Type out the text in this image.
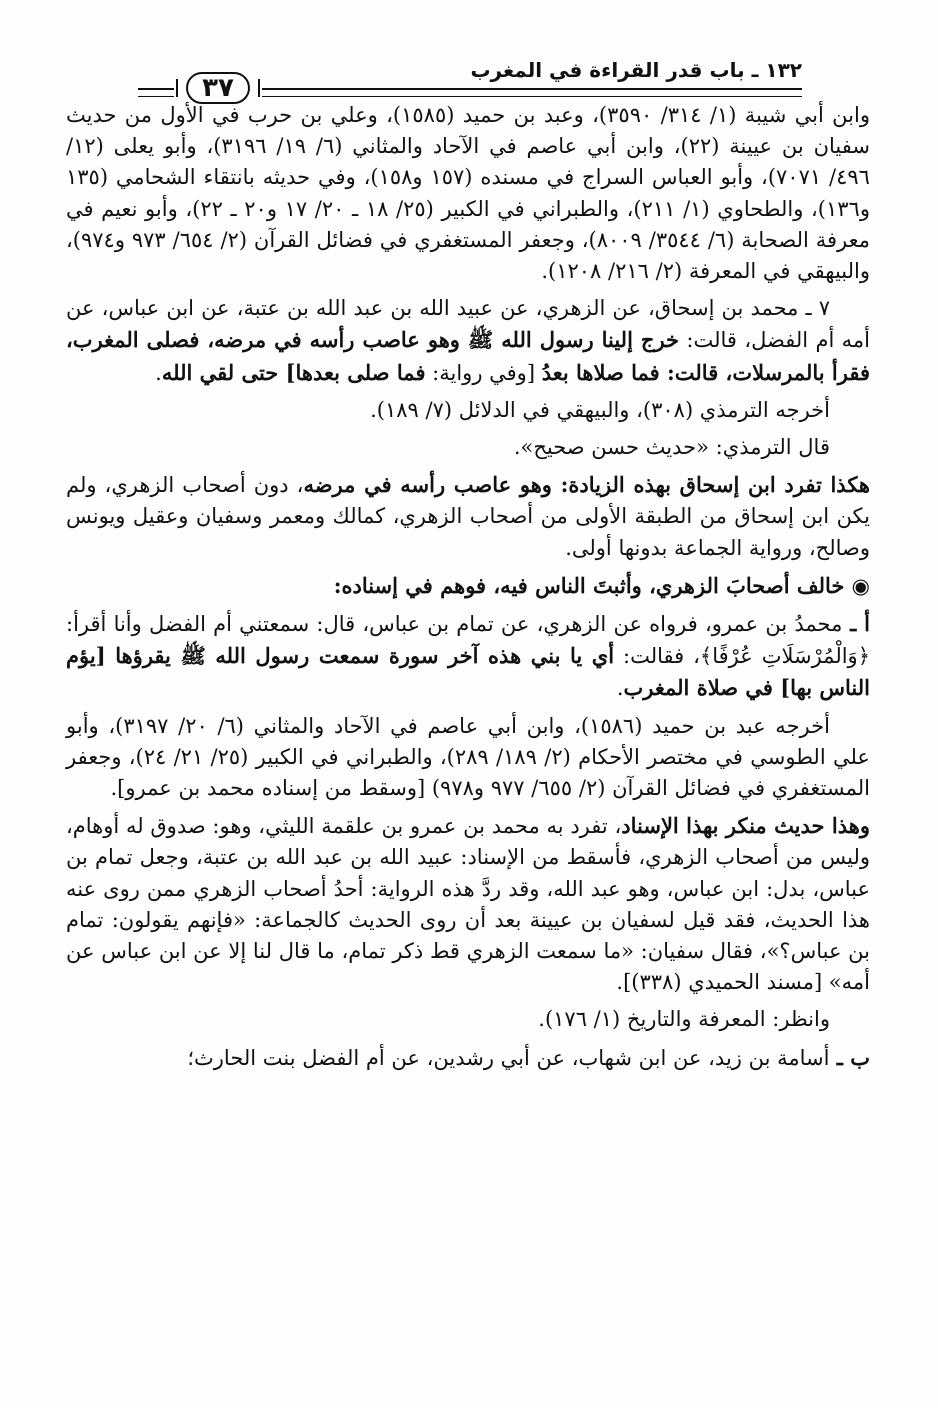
١٣٢ ـ باب قدر القراءة في المغرب
٣٧

وابن أبي شيبة (١/ ٣١٤/ ٣٥٩٠)، وعبد بن حميد (١٥٨٥)، وعلي بن حرب في الأول من حديث سفيان بن عيينة (٢٢)، وابن أبي عاصم في الآحاد والمثاني (٦/ ١٩/ ٣١٩٦)، وأبو يعلى (١٢/ ٤٩٦/ ٧٠٧١)، وأبو العباس السراج في مسنده (١٥٧ و١٥٨)، وفي حديثه بانتقاء الشحامي (١٣٥ و١٣٦)، والطحاوي (١/ ٢١١)، والطبراني في الكبير (٢٥/ ١٨ ـ ٢٠/ ١٧ و٢٠ ـ ٢٢)، وأبو نعيم في معرفة الصحابة (٦/ ٣٥٤٤/ ٨٠٠٩)، وجعفر المستغفري في فضائل القرآن (٢/ ٦٥٤/ ٩٧٣ و٩٧٤)، والبيهقي في المعرفة (٢/ ٢١٦/ ١٢٠٨).

٧ ـ محمد بن إسحاق، عن الزهري، عن عبيد الله بن عبد الله بن عتبة، عن ابن عباس، عن أمه أم الفضل، قالت: خرج إلينا رسول الله ﷺ وهو عاصب رأسه في مرضه، فصلى المغرب، فقرأ بالمرسلات، قالت: فما صلاها بعدُ [وفي رواية: فما صلى بعدها] حتى لقي الله.

أخرجه الترمذي (٣٠٨)، والبيهقي في الدلائل (٧/ ١٨٩).

قال الترمذي: «حديث حسن صحيح».

هكذا تفرد ابن إسحاق بهذه الزيادة: وهو عاصب رأسه في مرضه، دون أصحاب الزهري، ولم يكن ابن إسحاق من الطبقة الأولى من أصحاب الزهري، كمالك ومعمر وسفيان وعقيل ويونس وصالح، ورواية الجماعة بدونها أولى.

◉ خالف أصحابَ الزهري، وأثبتَ الناس فيه، فوهم في إسناده:

أ ـ محمدُ بن عمرو، فرواه عن الزهري، عن تمام بن عباس، قال: سمعتني أم الفضل وأنا أقرأ: ﴿وَالْمُرْسَلَاتِ عُرْفًا﴾، فقالت: أي يا بني هذه آخر سورة سمعت رسول الله ﷺ يقرؤها [يؤم الناس بها] في صلاة المغرب.

أخرجه عبد بن حميد (١٥٨٦)، وابن أبي عاصم في الآحاد والمثاني (٦/ ٢٠/ ٣١٩٧)، وأبو علي الطوسي في مختصر الأحكام (٢/ ١٨٩/ ٢٨٩)، والطبراني في الكبير (٢٥/ ٢١/ ٢٤)، وجعفر المستغفري في فضائل القرآن (٢/ ٦٥٥/ ٩٧٧ و٩٧٨) [وسقط من إسناده محمد بن عمرو].

وهذا حديث منكر بهذا الإسناد، تفرد به محمد بن عمرو بن علقمة الليثي، وهو: صدوق له أوهام، وليس من أصحاب الزهري، فأسقط من الإسناد: عبيد الله بن عبد الله بن عتبة، وجعل تمام بن عباس، بدل: ابن عباس، وهو عبد الله، وقد ردَّ هذه الرواية: أحدُ أصحاب الزهري ممن روى عنه هذا الحديث، فقد قيل لسفيان بن عيينة بعد أن روى الحديث كالجماعة: «فإنهم يقولون: تمام بن عباس؟»، فقال سفيان: «ما سمعت الزهري قط ذكر تمام، ما قال لنا إلا عن ابن عباس عن أمه» [مسند الحميدي (٣٣٨)].

وانظر: المعرفة والتاريخ (١/ ١٧٦).

ب ـ أسامة بن زيد، عن ابن شهاب، عن أبي رشدين، عن أم الفضل بنت الحارث؛
